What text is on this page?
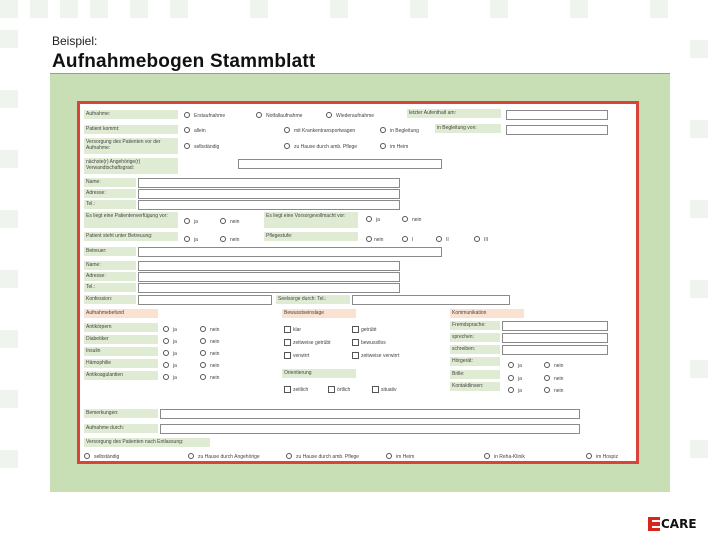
Beispiel:
Aufnahmebogen Stammblatt
Aufnahme:	Erstaufnahme	Notfallaufnahme	Wiederaufnahme	letzter Aufenthalt am:
Patient kommt:	allein	mit Krankentransportwagen	in Begleitung	in Begleitung von:
Versorgung des Patienten vor der Aufnahme:	selbständig	zu Hause durch amb. Pflege	im Heim
nächste(r) Angehörige(r) Verwandtschaftsgrad:
Name:
Adresse:
Tel.:
Es liegt eine Patientenverfügung vor:
ja	nein
Es liegt eine Vorsorgevollmacht vor:
ja	nein
Patient steht unter Betreuung:
ja	nein
Pflegestufe:
nein	I	II	III
Betreuer:
Name:
Adresse:
Tel.:
Konfession:	Seelsorge durch: Tel.:
Aufnahmebefund
Antikörpern	ja	nein
Diabetiker	ja	nein
Insulin	ja	nein
Hämophilie	ja	nein
Antikoagulantien	ja	nein
Bewusstseinslage
klar	getrübt
zeitweise getrübt	bewusstlos
verwirrt	zeitweise verwirrt
Orientierung
zeitlich	örtlich	situativ
Kommunikation
Fremdsprache:
sprechen:
schreiben:
Hörgerät:
ja	nein
Brille:
ja	nein
Kontaktlinsen:
ja	nein
Bemerkungen:
Aufnahme durch:
Versorgung des Patienten nach Entlassung:
selbständig	zu Hause durch Angehörige	zu Hause durch amb. Pflege	im Heim	in Reha-Klinik	im Hospiz
CARE
